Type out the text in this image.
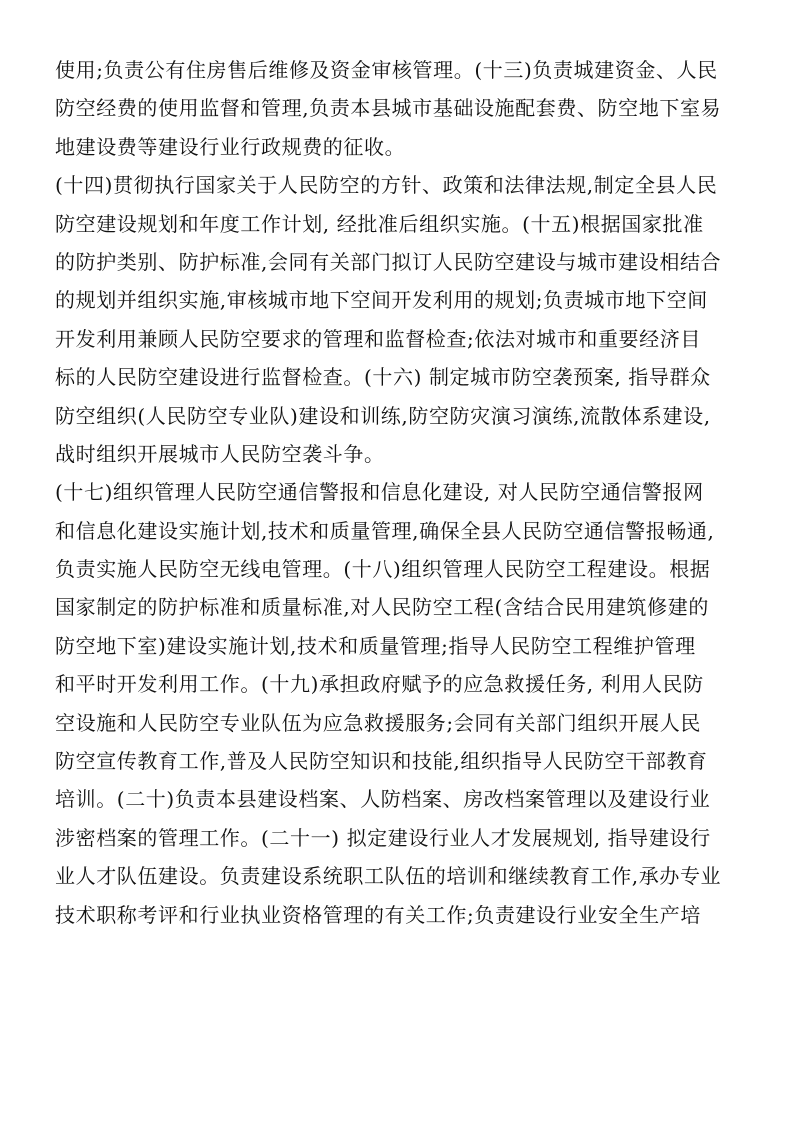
使用;负责公有住房售后维修及资金审核管理。(十三)负责城建资金、人民
防空经费的使用监督和管理,负责本县城市基础设施配套费、防空地下室易
地建设费等建设行业行政规费的征收。
(十四)贯彻执行国家关于人民防空的方针、政策和法律法规,制定全县人民
防空建设规划和年度工作计划, 经批准后组织实施。(十五)根据国家批准
的防护类别、防护标准,会同有关部门拟订人民防空建设与城市建设相结合
的规划并组织实施,审核城市地下空间开发利用的规划;负责城市地下空间
开发利用兼顾人民防空要求的管理和监督检查;依法对城市和重要经济目
标的人民防空建设进行监督检查。(十六) 制定城市防空袭预案, 指导群众
防空组织(人民防空专业队)建设和训练,防空防灾演习演练,流散体系建设,
战时组织开展城市人民防空袭斗争。
(十七)组织管理人民防空通信警报和信息化建设, 对人民防空通信警报网
和信息化建设实施计划,技术和质量管理,确保全县人民防空通信警报畅通,
负责实施人民防空无线电管理。(十八)组织管理人民防空工程建设。根据
国家制定的防护标准和质量标准,对人民防空工程(含结合民用建筑修建的
防空地下室)建设实施计划,技术和质量管理;指导人民防空工程维护管理
和平时开发利用工作。(十九)承担政府赋予的应急救援任务, 利用人民防
空设施和人民防空专业队伍为应急救援服务;会同有关部门组织开展人民
防空宣传教育工作,普及人民防空知识和技能,组织指导人民防空干部教育
培训。(二十)负责本县建设档案、人防档案、房改档案管理以及建设行业
涉密档案的管理工作。(二十一) 拟定建设行业人才发展规划, 指导建设行
业人才队伍建设。负责建设系统职工队伍的培训和继续教育工作,承办专业
技术职称考评和行业执业资格管理的有关工作;负责建设行业安全生产培
